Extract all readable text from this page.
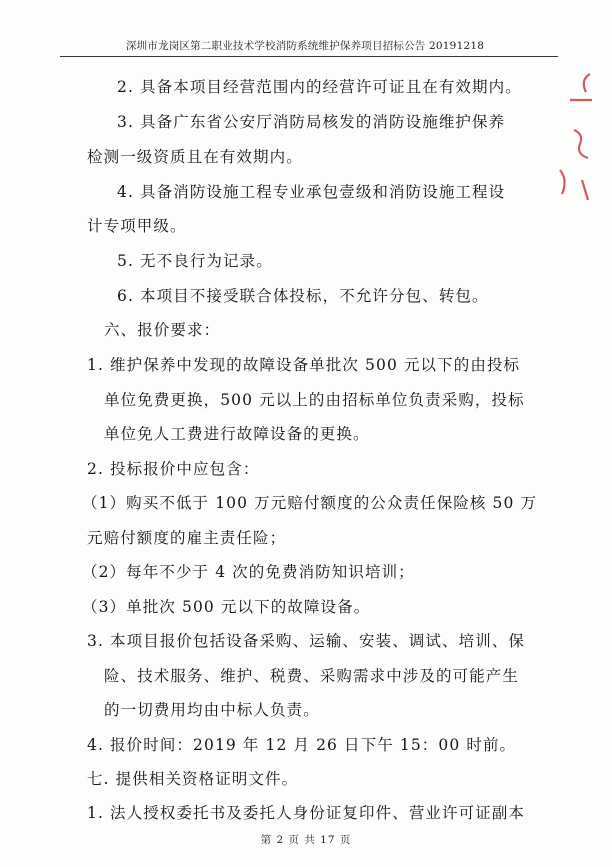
深圳市龙岗区第二职业技术学校消防系统维护保养项目招标公告 20191218
2. 具备本项目经营范围内的经营许可证且在有效期内。
3. 具备广东省公安厅消防局核发的消防设施维护保养
检测一级资质且在有效期内。
4. 具备消防设施工程专业承包壹级和消防设施工程设
计专项甲级。
5. 无不良行为记录。
6. 本项目不接受联合体投标，不允许分包、转包。
六、报价要求：
1. 维护保养中发现的故障设备单批次 500 元以下的由投标
单位免费更换，500 元以上的由招标单位负责采购，投标
单位免人工费进行故障设备的更换。
2. 投标报价中应包含：
（1）购买不低于 100 万元赔付额度的公众责任保险核 50 万
元赔付额度的雇主责任险；
（2）每年不少于 4 次的免费消防知识培训；
（3）单批次 500 元以下的故障设备。
3. 本项目报价包括设备采购、运输、安装、调试、培训、保
险、技术服务、维护、税费、采购需求中涉及的可能产生
的一切费用均由中标人负责。
4. 报价时间：2019 年 12 月 26 日下午 15：00 时前。
七. 提供相关资格证明文件。
1. 法人授权委托书及委托人身份证复印件、营业许可证副本
第 2 页 共 17 页
